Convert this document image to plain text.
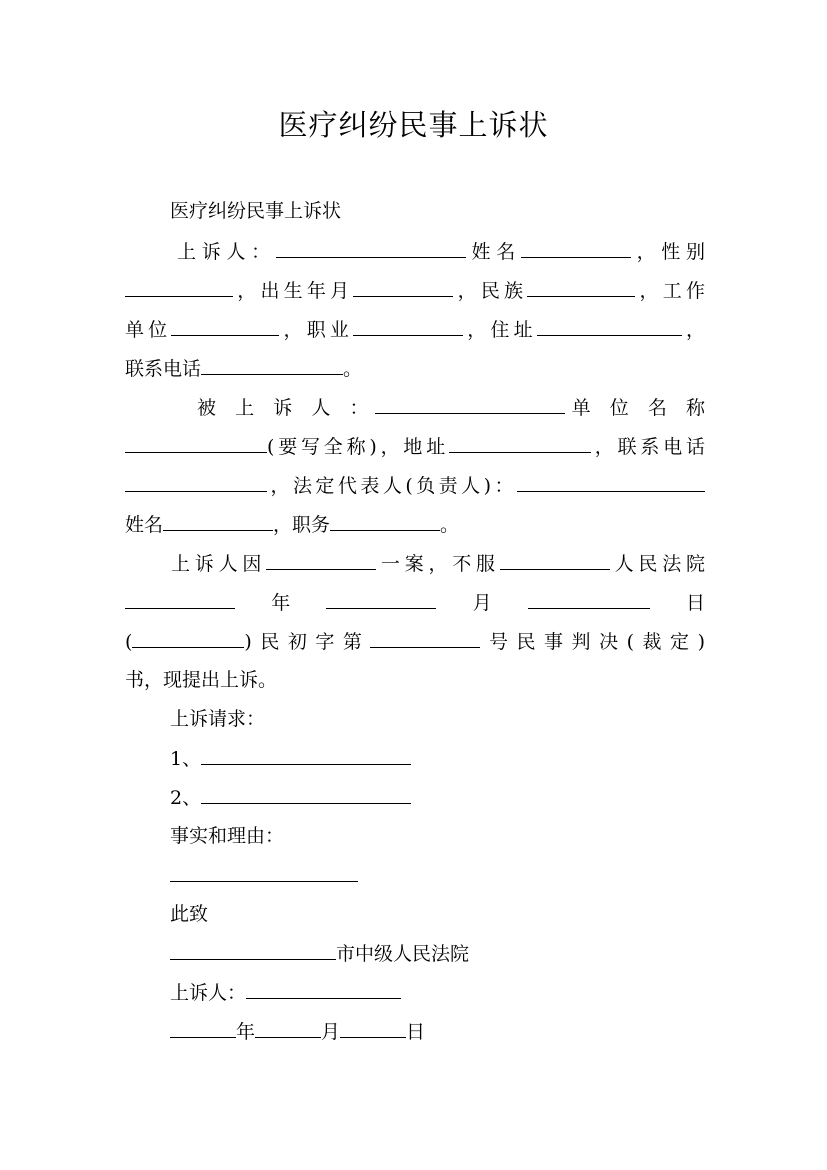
医疗纠纷民事上诉状
医疗纠纷民事上诉状
上诉人：	姓名	，性别
，出生年月	，民族	，工作
单位	，职业	，住址	，
联系电话	。
被 上 诉 人 ：	单 位 名 称
(要写全称)，地址	，联系电话
，法定代表人(负责人)：
姓名	，职务	。
上诉人因	一案，不服	人民法院
年	月	日
(	)民初字第	号民事判决(裁定)
书，现提出上诉。
上诉请求：
1、
2、
事实和理由：
此致
市中级人民法院
上诉人：
年	月	日
